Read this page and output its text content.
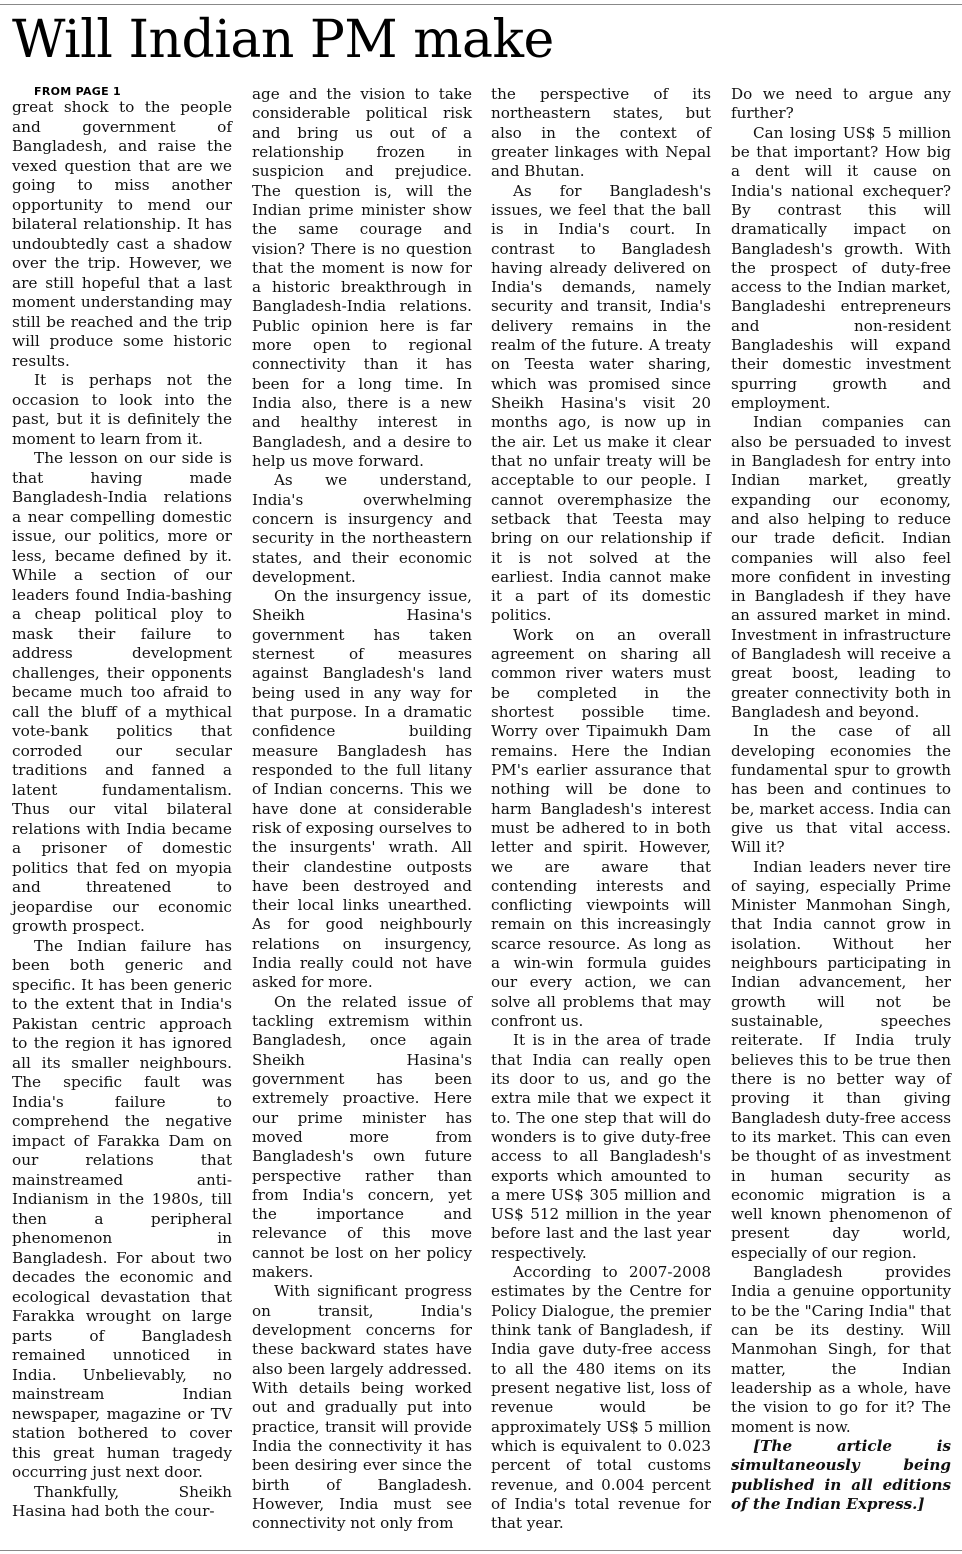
Will Indian PM make

FROM PAGE 1

great shock to the people and government of Bangladesh, and raise the vexed question that are we going to miss another opportunity to mend our bilateral relationship. It has undoubtedly cast a shadow over the trip. However, we are still hopeful that a last moment understanding may still be reached and the trip will produce some historic results.

It is perhaps not the occasion to look into the past, but it is definitely the moment to learn from it.

The lesson on our side is that having made Bangladesh-India relations a near compelling domestic issue, our politics, more or less, became defined by it. While a section of our leaders found India-bashing a cheap political ploy to mask their failure to address development challenges, their opponents became much too afraid to call the bluff of a mythical vote-bank politics that corroded our secular traditions and fanned a latent fundamentalism. Thus our vital bilateral relations with India became a prisoner of domestic politics that fed on myopia and threatened to jeopardise our economic growth prospect.

The Indian failure has been both generic and specific. It has been generic to the extent that in India's Pakistan centric approach to the region it has ignored all its smaller neighbours. The specific fault was India's failure to comprehend the negative impact of Farakka Dam on our relations that mainstreamed anti-Indianism in the 1980s, till then a peripheral phenomenon in Bangladesh. For about two decades the economic and ecological devastation that Farakka wrought on large parts of Bangladesh remained unnoticed in India. Unbelievably, no mainstream Indian newspaper, magazine or TV station bothered to cover this great human tragedy occurring just next door.

Thankfully, Sheikh Hasina had both the cour-

age and the vision to take considerable political risk and bring us out of a relationship frozen in suspicion and prejudice. The question is, will the Indian prime minister show the same courage and vision? There is no question that the moment is now for a historic breakthrough in Bangladesh-India relations. Public opinion here is far more open to regional connectivity than it has been for a long time. In India also, there is a new and healthy interest in Bangladesh, and a desire to help us move forward.

As we understand, India's overwhelming concern is insurgency and security in the northeastern states, and their economic development.

On the insurgency issue, Sheikh Hasina's government has taken sternest of measures against Bangladesh's land being used in any way for that purpose. In a dramatic confidence building measure Bangladesh has responded to the full litany of Indian concerns. This we have done at considerable risk of exposing ourselves to the insurgents' wrath. All their clandestine outposts have been destroyed and their local links unearthed. As for good neighbourly relations on insurgency, India really could not have asked for more.

On the related issue of tackling extremism within Bangladesh, once again Sheikh Hasina's government has been extremely proactive. Here our prime minister has moved more from Bangladesh's own future perspective rather than from India's concern, yet the importance and relevance of this move cannot be lost on her policy makers.

With significant progress on transit, India's development concerns for these backward states have also been largely addressed. With details being worked out and gradually put into practice, transit will provide India the connectivity it has been desiring ever since the birth of Bangladesh. However, India must see connectivity not only from

the perspective of its northeastern states, but also in the context of greater linkages with Nepal and Bhutan.

As for Bangladesh's issues, we feel that the ball is in India's court. In contrast to Bangladesh having already delivered on India's demands, namely security and transit, India's delivery remains in the realm of the future. A treaty on Teesta water sharing, which was promised since Sheikh Hasina's visit 20 months ago, is now up in the air. Let us make it clear that no unfair treaty will be acceptable to our people. I cannot overemphasize the setback that Teesta may bring on our relationship if it is not solved at the earliest. India cannot make it a part of its domestic politics.

Work on an overall agreement on sharing all common river waters must be completed in the shortest possible time. Worry over Tipaimukh Dam remains. Here the Indian PM's earlier assurance that nothing will be done to harm Bangladesh's interest must be adhered to in both letter and spirit. However, we are aware that contending interests and conflicting viewpoints will remain on this increasingly scarce resource. As long as a win-win formula guides our every action, we can solve all problems that may confront us.

It is in the area of trade that India can really open its door to us, and go the extra mile that we expect it to. The one step that will do wonders is to give duty-free access to all Bangladesh's exports which amounted to a mere US$ 305 million and US$ 512 million in the year before last and the last year respectively.

According to 2007-2008 estimates by the Centre for Policy Dialogue, the premier think tank of Bangladesh, if India gave duty-free access to all the 480 items on its present negative list, loss of revenue would be approximately US$ 5 million which is equivalent to 0.023 percent of total customs revenue, and 0.004 percent of India's total revenue for that year.

Do we need to argue any further?

Can losing US$ 5 million be that important? How big a dent will it cause on India's national exchequer? By contrast this will dramatically impact on Bangladesh's growth. With the prospect of duty-free access to the Indian market, Bangladeshi entrepreneurs and non-resident Bangladeshis will expand their domestic investment spurring growth and employment.

Indian companies can also be persuaded to invest in Bangladesh for entry into Indian market, greatly expanding our economy, and also helping to reduce our trade deficit. Indian companies will also feel more confident in investing in Bangladesh if they have an assured market in mind. Investment in infrastructure of Bangladesh will receive a great boost, leading to greater connectivity both in Bangladesh and beyond.

In the case of all developing economies the fundamental spur to growth has been and continues to be, market access. India can give us that vital access. Will it?

Indian leaders never tire of saying, especially Prime Minister Manmohan Singh, that India cannot grow in isolation. Without her neighbours participating in Indian advancement, her growth will not be sustainable, speeches reiterate. If India truly believes this to be true then there is no better way of proving it than giving Bangladesh duty-free access to its market. This can even be thought of as investment in human security as economic migration is a well known phenomenon of present day world, especially of our region.

Bangladesh provides India a genuine opportunity to be the "Caring India" that can be its destiny. Will Manmohan Singh, for that matter, the Indian leadership as a whole, have the vision to go for it? The moment is now.

[The article is simultaneously being published in all editions of the Indian Express.]
